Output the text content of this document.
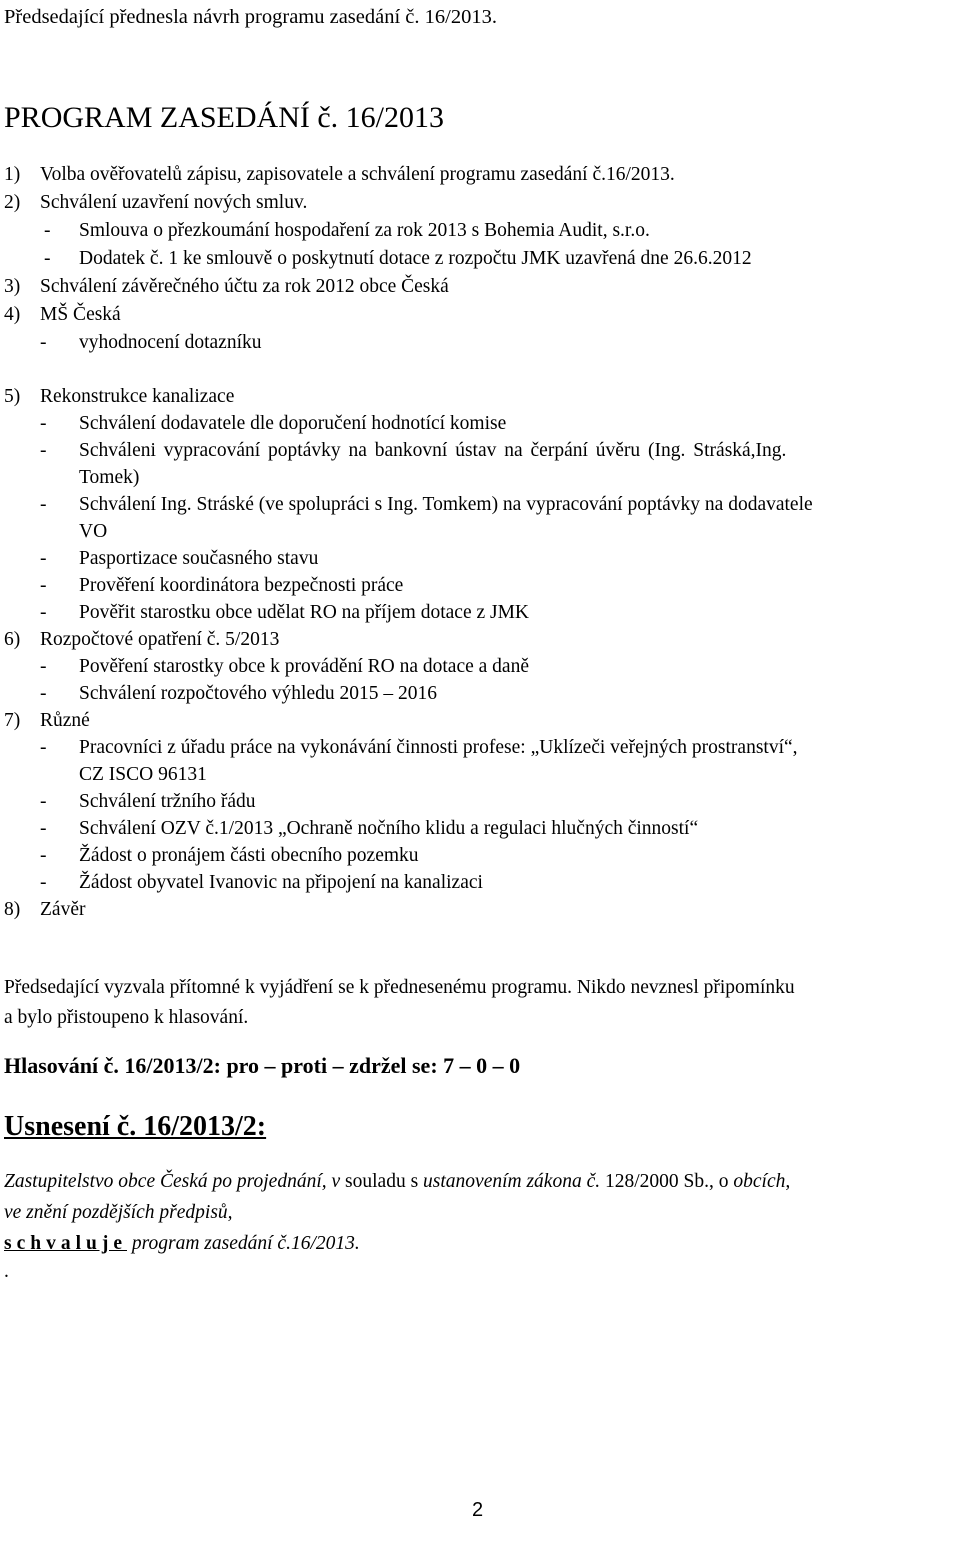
Předsedající přednesla návrh programu zasedání č. 16/2013.
PROGRAM ZASEDÁNÍ č. 16/2013
1) Volba ověřovatelů zápisu, zapisovatele a schválení programu zasedání č.16/2013.
2) Schválení uzavření nových smluv.
- Smlouva o přezkoumání hospodaření za rok 2013 s Bohemia Audit, s.r.o.
- Dodatek č. 1 ke smlouvě o poskytnutí dotace z rozpočtu JMK uzavřená dne 26.6.2012
3) Schválení závěrečného účtu za rok 2012 obce Česká
4) MŠ Česká
- vyhodnocení dotazníku
5) Rekonstrukce kanalizace
- Schválení dodavatele dle doporučení hodnotící komise
- Schváleni vypracování poptávky na bankovní ústav na čerpání úvěru (Ing. Stráská,Ing.
Tomek)
- Schválení Ing. Stráské (ve spolupráci s Ing. Tomkem) na vypracování poptávky na dodavatele
VO
- Pasportizace současného stavu
- Prověření koordinátora bezpečnosti práce
- Pověřit starostku obce udělat RO na příjem dotace z JMK
6) Rozpočtové opatření č. 5/2013
- Pověření starostky obce k provádění RO na dotace a daně
- Schválení rozpočtového výhledu 2015 – 2016
7) Různé
- Pracovníci z úřadu práce na vykonávání činnosti profese: „Uklízeči veřejných prostranství“,
CZ ISCO 96131
- Schválení tržního řádu
- Schválení OZV č.1/2013 „Ochraně nočního klidu a regulaci hlučných činností“
- Žádost o pronájem části obecního pozemku
- Žádost obyvatel Ivanovic na připojení na kanalizaci
8) Závěr
Předsedající vyzvala přítomné k vyjádření se k přednesenému programu. Nikdo nevznesl připomínku
a bylo přistoupeno k hlasování.
Hlasování č. 16/2013/2: pro – proti – zdržel se: 7 – 0 – 0
Usnesení č. 16/2013/2:
Zastupitelstvo obce Česká po projednání, v souladu s ustanovením zákona č. 128/2000 Sb., o obcích,
ve znění pozdějších předpisů,
schvaluje program zasedání č.16/2013.
.
2
